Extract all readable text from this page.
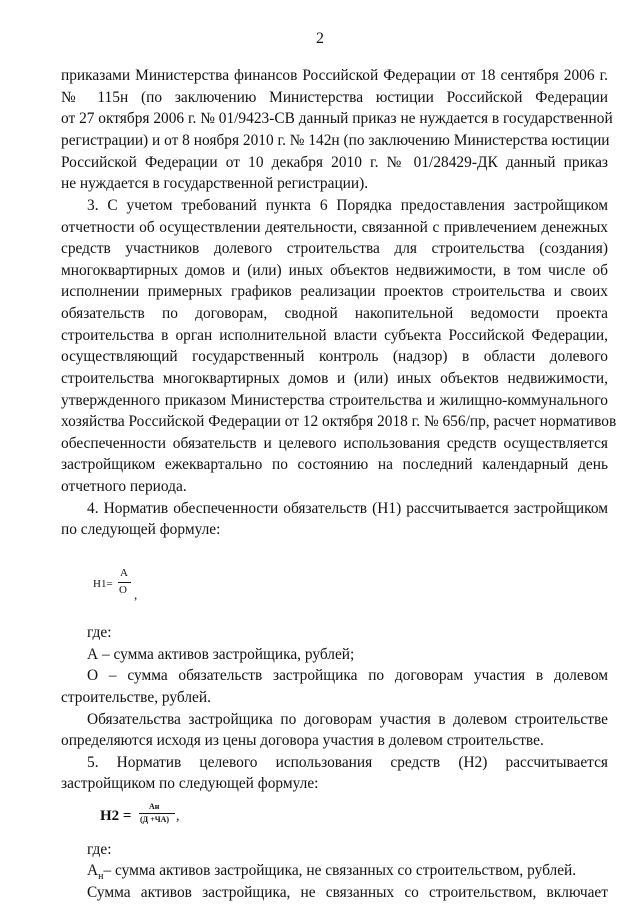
2
приказами Министерства финансов Российской Федерации от 18 сентября 2006 г.
№ 115н (по заключению Министерства юстиции Российской Федерации
от 27 октября 2006 г. № 01/9423-СВ данный приказ не нуждается в государственной
регистрации) и от 8 ноября 2010 г. № 142н (по заключению Министерства юстиции
Российской Федерации от 10 декабря 2010 г. № 01/28429-ДК данный приказ
не нуждается в государственной регистрации).
3. С учетом требований пункта 6 Порядка предоставления застройщиком
отчетности об осуществлении деятельности, связанной с привлечением денежных
средств участников долевого строительства для строительства (создания)
многоквартирных домов и (или) иных объектов недвижимости, в том числе об
исполнении примерных графиков реализации проектов строительства и своих
обязательств по договорам, сводной накопительной ведомости проекта
строительства в орган исполнительной власти субъекта Российской Федерации,
осуществляющий государственный контроль (надзор) в области долевого
строительства многоквартирных домов и (или) иных объектов недвижимости,
утвержденного приказом Министерства строительства и жилищно-коммунального
хозяйства Российской Федерации от 12 октября 2018 г. № 656/пр, расчет нормативов
обеспеченности обязательств и целевого использования средств осуществляется
застройщиком ежеквартально по состоянию на последний календарный день
отчетного периода.
4. Норматив обеспеченности обязательств (Н1) рассчитывается застройщиком
по следующей формуле:
Н1=
А
О ,
где:
А – сумма активов застройщика, рублей;
О – сумма обязательств застройщика по договорам участия в долевом
строительстве, рублей.
Обязательства застройщика по договорам участия в долевом строительстве
определяются исходя из цены договора участия в долевом строительстве.
5. Норматив целевого использования средств (Н2) рассчитывается
застройщиком по следующей формуле:
Н2 =
Ан
(Д +ЧА) ,
где:
$А_н-$ сумма активов застройщика, не связанных со строительством, рублей.
Сумма активов застройщика, не связанных со строительством, включает
